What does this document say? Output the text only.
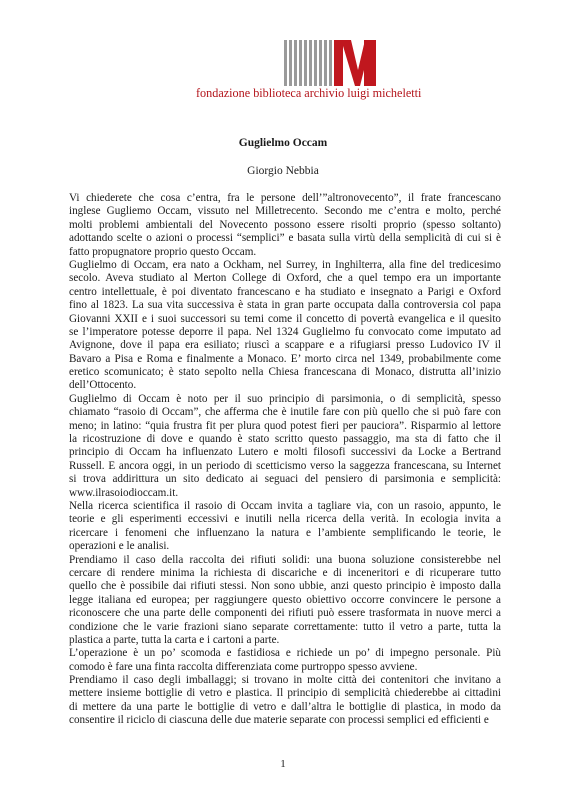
fondazione biblioteca archivio luigi micheletti
Guglielmo Occam
Giorgio Nebbia

Vi chiederete che cosa c’entra, fra le persone dell’”altronovecento”, il frate francescano
inglese Gugliemo Occam, vissuto nel Milletrecento. Secondo me c’entra e molto, perché
molti problemi ambientali del Novecento possono essere risolti proprio (spesso soltanto)
adottando scelte o azioni o processi “semplici” e basata sulla virtù della semplicità di cui si è
fatto propugnatore proprio questo Occam.

Guglielmo di Occam, era nato a Ockham, nel Surrey, in Inghilterra, alla fine del tredicesimo
secolo. Aveva studiato al Merton College di Oxford, che a quel tempo era un importante
centro intellettuale, è poi diventato francescano e ha studiato e insegnato a Parigi e Oxford
fino al 1823. La sua vita successiva è stata in gran parte occupata dalla controversia col papa
Giovanni XXII e i suoi successori su temi come il concetto di povertà evangelica e il quesito
se l’imperatore potesse deporre il papa. Nel 1324 Guglielmo fu convocato come imputato ad
Avignone, dove il papa era esiliato; riuscì a scappare e a rifugiarsi presso Ludovico IV il
Bavaro a Pisa e Roma e finalmente a Monaco. E’ morto circa nel 1349, probabilmente come
eretico scomunicato; è stato sepolto nella Chiesa francescana di Monaco, distrutta all’inizio
dell’Ottocento.

Guglielmo di Occam è noto per il suo principio di parsimonia, o di semplicità, spesso
chiamato “rasoio di Occam”, che afferma che è inutile fare con più quello che si può fare con
meno; in latino: “quia frustra fit per plura quod potest fieri per pauciora”. Risparmio al lettore
la ricostruzione di dove e quando è stato scritto questo passaggio, ma sta di fatto che il
principio di Occam ha influenzato Lutero e molti filosofi successivi da Locke a Bertrand
Russell. E ancora oggi, in un periodo di scetticismo verso la saggezza francescana, su Internet
si trova addirittura un sito dedicato ai seguaci del pensiero di parsimonia e semplicità:
www.ilrasoiodioccam.it.

Nella ricerca scientifica il rasoio di Occam invita a tagliare via, con un rasoio, appunto, le
teorie e gli esperimenti eccessivi e inutili nella ricerca della verità. In ecologia invita a
ricercare i fenomeni che influenzano la natura e l’ambiente semplificando le teorie, le
operazioni e le analisi.

Prendiamo il caso della raccolta dei rifiuti solidi: una buona soluzione consisterebbe nel
cercare di rendere minima la richiesta di discariche e di inceneritori e di ricuperare tutto
quello che è possibile dai rifiuti stessi. Non sono ubbie, anzi questo principio è imposto dalla
legge italiana ed europea; per raggiungere questo obiettivo occorre convincere le persone a
riconoscere che una parte delle componenti dei rifiuti può essere trasformata in nuove merci a
condizione che le varie frazioni siano separate correttamente: tutto il vetro a parte, tutta la
plastica a parte, tutta la carta e i cartoni a parte.

L’operazione è un po’ scomoda e fastidiosa e richiede un po’ di impegno personale. Più
comodo è fare una finta raccolta differenziata come purtroppo spesso avviene.

Prendiamo il caso degli imballaggi; si trovano in molte città dei contenitori che invitano a
mettere insieme bottiglie di vetro e plastica. Il principio di semplicità chiederebbe ai cittadini
di mettere da una parte le bottiglie di vetro e dall’altra le bottiglie di plastica, in modo da
consentire il riciclo di ciascuna delle due materie separate con processi semplici ed efficienti e

1
